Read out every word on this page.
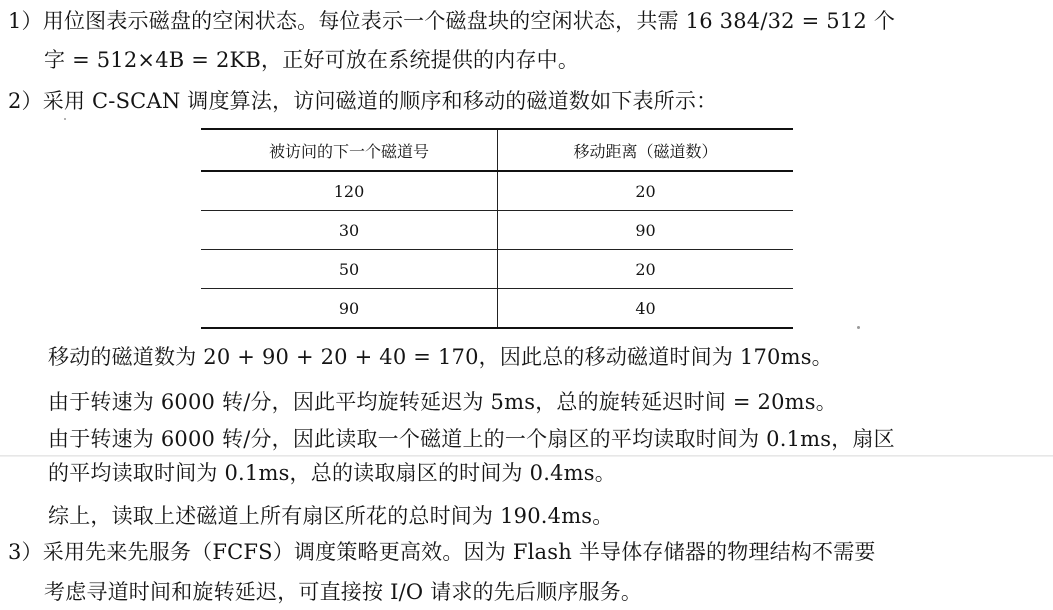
1）用位图表示磁盘的空闲状态。每位表示一个磁盘块的空闲状态，共需 16 384/32 = 512 个
字 = 512×4B = 2KB，正好可放在系统提供的内存中。
2）采用 C-SCAN 调度算法，访问磁道的顺序和移动的磁道数如下表所示：
被访问的下一个磁道号	移动距离（磁道数）
120	20
30	90
50	20
90	40
移动的磁道数为 20 + 90 + 20 + 40 = 170，因此总的移动磁道时间为 170ms。
由于转速为 6000 转/分，因此平均旋转延迟为 5ms，总的旋转延迟时间 = 20ms。
由于转速为 6000 转/分，因此读取一个磁道上的一个扇区的平均读取时间为 0.1ms，扇区
的平均读取时间为 0.1ms，总的读取扇区的时间为 0.4ms。
综上，读取上述磁道上所有扇区所花的总时间为 190.4ms。
3）采用先来先服务（FCFS）调度策略更高效。因为 Flash 半导体存储器的物理结构不需要
考虑寻道时间和旋转延迟，可直接按 I/O 请求的先后顺序服务。
